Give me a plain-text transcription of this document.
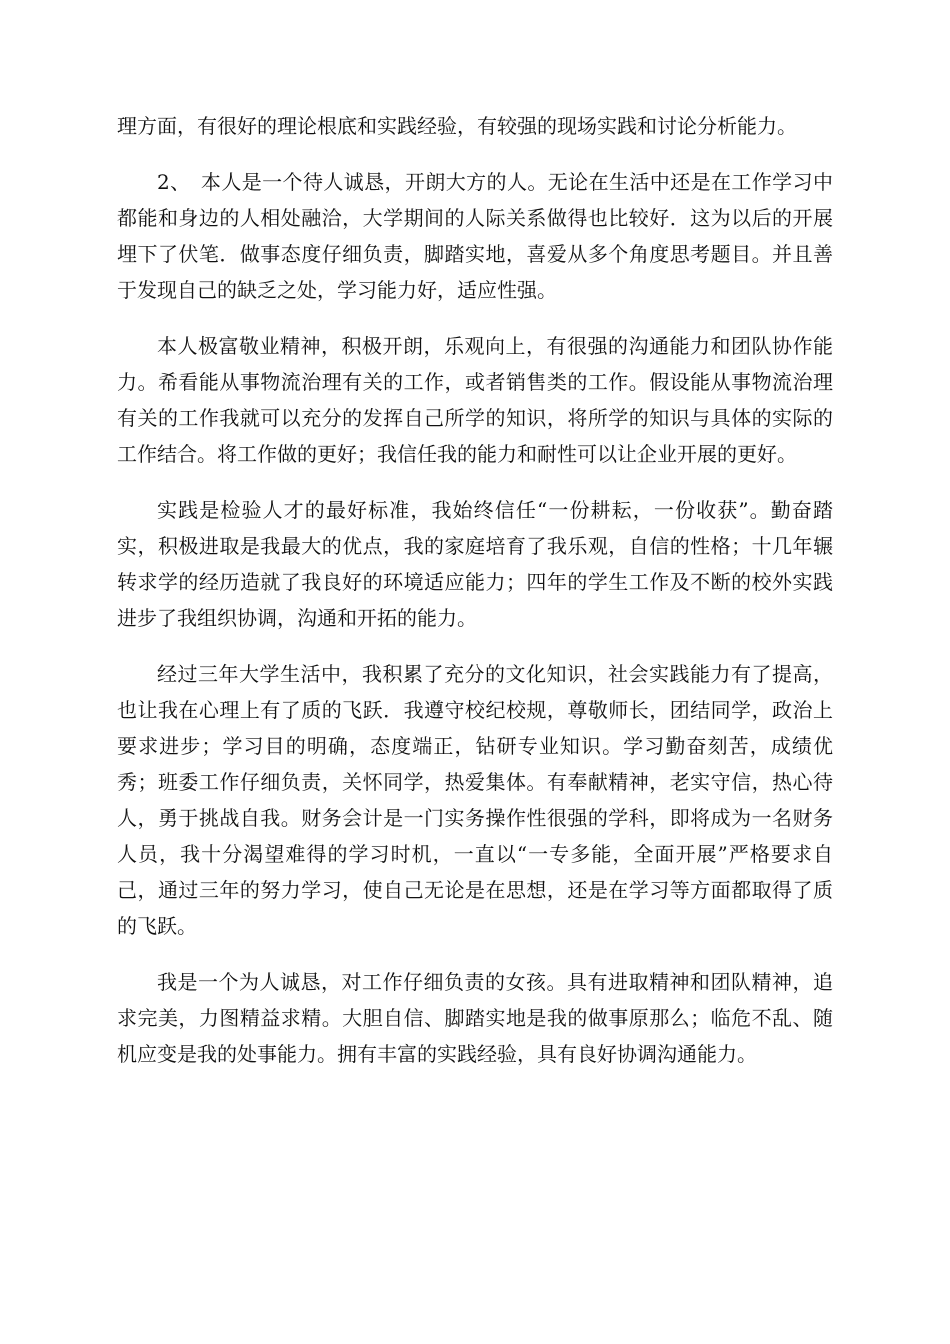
理方面，有很好的理论根底和实践经验，有较强的现场实践和讨论分析能力。

2、　本人是一个待人诚恳，开朗大方的人。无论在生活中还是在工作学习中都能和身边的人相处融洽，大学期间的人际关系做得也比较好．这为以后的开展埋下了伏笔．做事态度仔细负责，脚踏实地，喜爱从多个角度思考题目。并且善于发现自己的缺乏之处，学习能力好，适应性强。

本人极富敬业精神，积极开朗，乐观向上，有很强的沟通能力和团队协作能力。希看能从事物流治理有关的工作，或者销售类的工作。假设能从事物流治理有关的工作我就可以充分的发挥自己所学的知识，将所学的知识与具体的实际的工作结合。将工作做的更好；我信任我的能力和耐性可以让企业开展的更好。

实践是检验人才的最好标准，我始终信任“一份耕耘，一份收获”。勤奋踏实，积极进取是我最大的优点，我的家庭培育了我乐观，自信的性格；十几年辗转求学的经历造就了我良好的环境适应能力；四年的学生工作及不断的校外实践进步了我组织协调，沟通和开拓的能力。

经过三年大学生活中，我积累了充分的文化知识，社会实践能力有了提高，也让我在心理上有了质的飞跃．我遵守校纪校规，尊敬师长，团结同学，政治上要求进步；学习目的明确，态度端正，钻研专业知识。学习勤奋刻苦，成绩优秀；班委工作仔细负责，关怀同学，热爱集体。有奉献精神，老实守信，热心待人，勇于挑战自我。财务会计是一门实务操作性很强的学科，即将成为一名财务人员，我十分渴望难得的学习时机，一直以“一专多能，全面开展”严格要求自己，通过三年的努力学习，使自己无论是在思想，还是在学习等方面都取得了质的飞跃。

我是一个为人诚恳，对工作仔细负责的女孩。具有进取精神和团队精神，追求完美，力图精益求精。大胆自信、脚踏实地是我的做事原那么；临危不乱、随机应变是我的处事能力。拥有丰富的实践经验，具有良好协调沟通能力。
